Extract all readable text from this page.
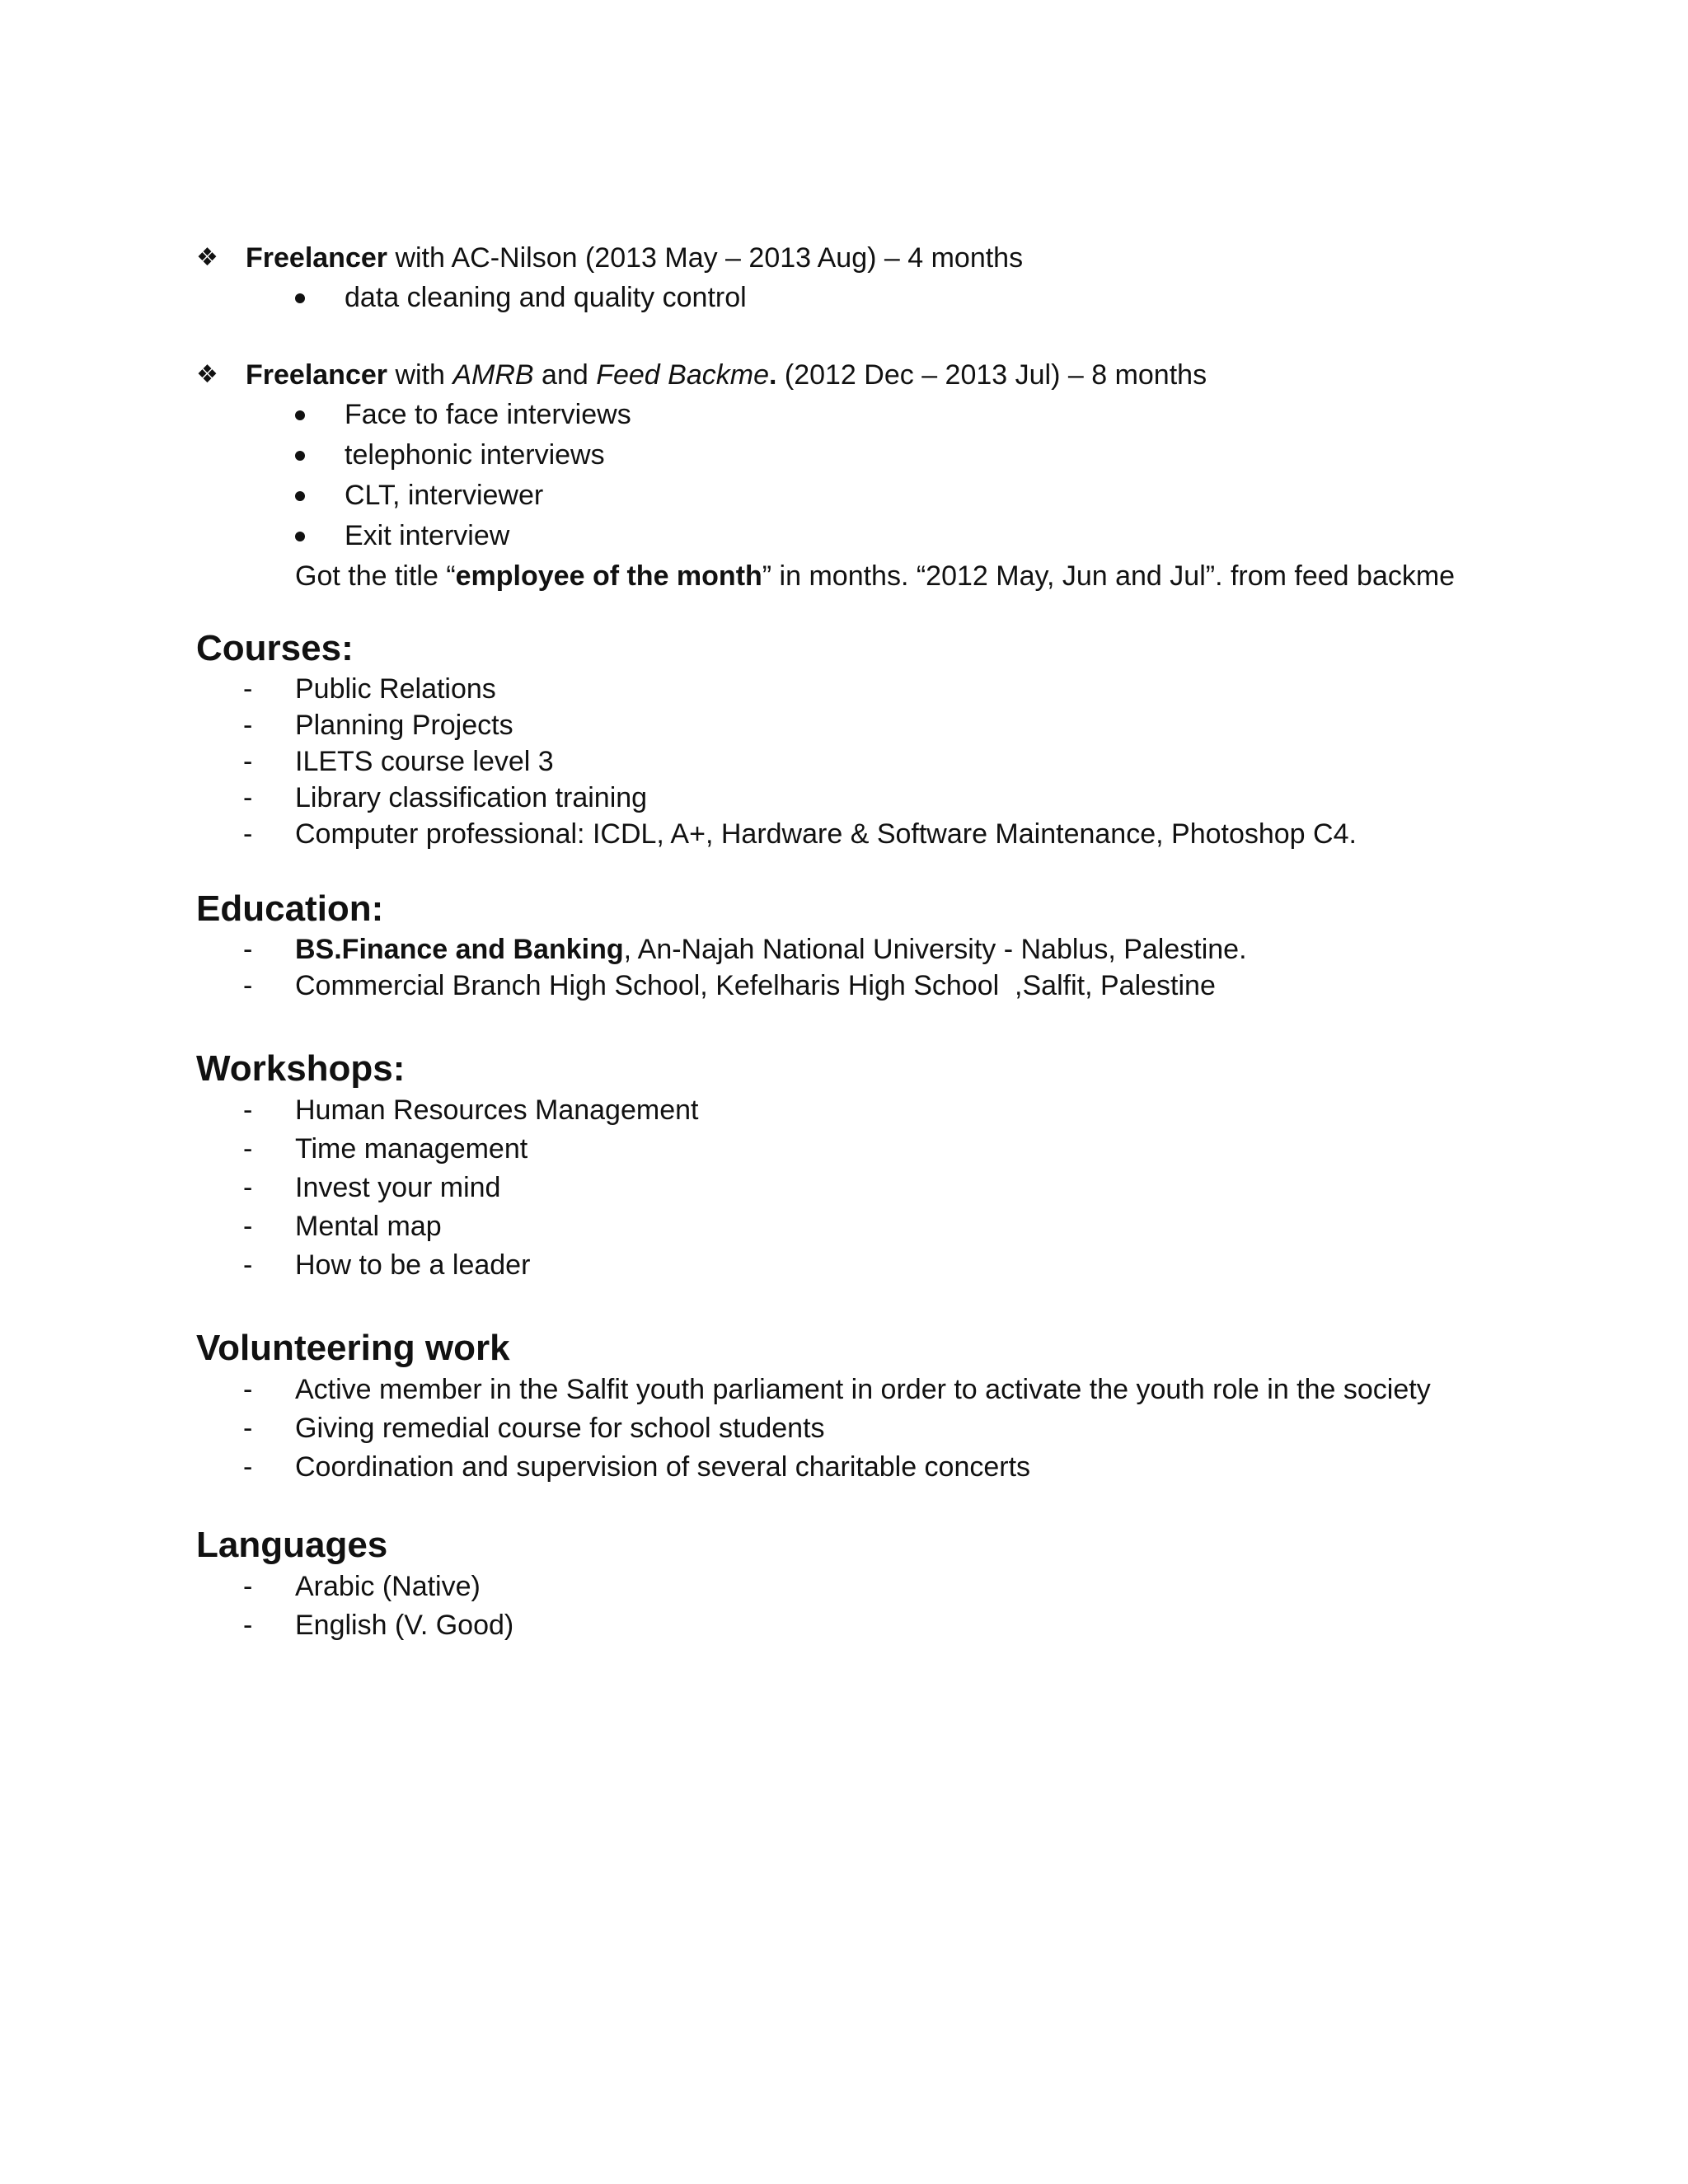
❖ Freelancer with AC-Nilson (2013 May – 2013 Aug) – 4 months
data cleaning and quality control
❖ Freelancer with AMRB and Feed Backme. (2012 Dec – 2013 Jul) – 8 months
Face to face interviews
telephonic interviews
CLT, interviewer
Exit interview
Got the title “employee of the month” in months. “2012 May, Jun and Jul”. from feed backme
Courses:
- Public Relations
- Planning Projects
- ILETS course level 3
- Library classification training
- Computer professional: ICDL, A+, Hardware & Software Maintenance, Photoshop C4.
Education:
- BS.Finance and Banking, An-Najah National University - Nablus, Palestine.
- Commercial Branch High School, Kefelharis High School  ,Salfit, Palestine
Workshops:
- Human Resources Management
- Time management
- Invest your mind
- Mental map
- How to be a leader
Volunteering work
- Active member in the Salfit youth parliament in order to activate the youth role in the society
- Giving remedial course for school students
- Coordination and supervision of several charitable concerts
Languages
- Arabic (Native)
- English (V. Good)
